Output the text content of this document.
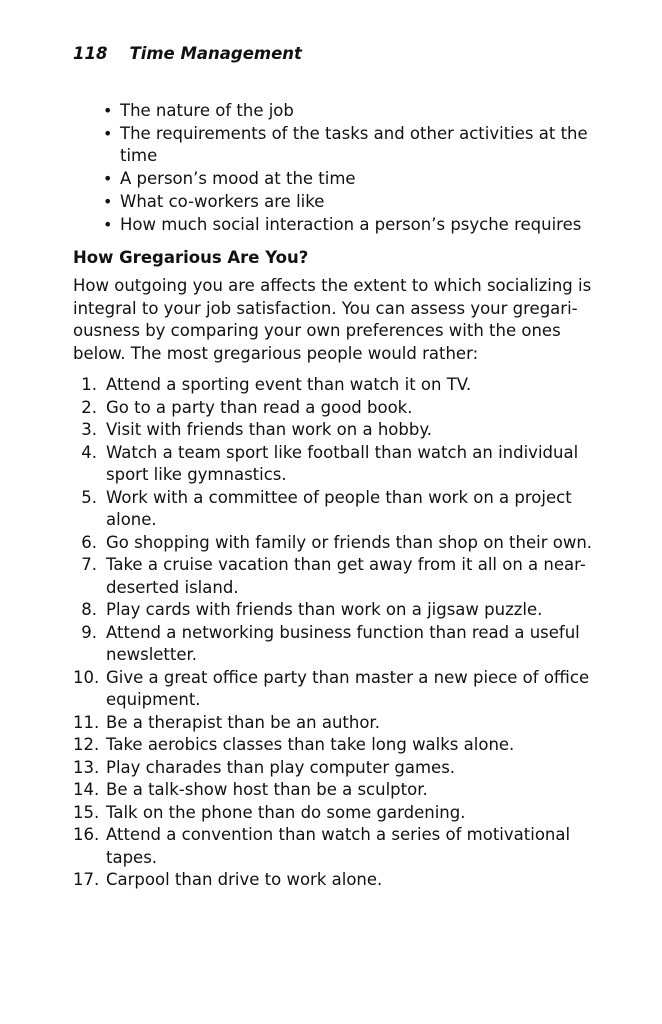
118 Time Management
• The nature of the job
• The requirements of the tasks and other activities at the time
• A person’s mood at the time
• What co-workers are like
• How much social interaction a person’s psyche requires
How Gregarious Are You?

How outgoing you are affects the extent to which socializing is
integral to your job satisfaction. You can assess your gregari-
ousness by comparing your own preferences with the ones
below. The most gregarious people would rather:

1. Attend a sporting event than watch it on TV.
2. Go to a party than read a good book.
3. Visit with friends than work on a hobby.
4. Watch a team sport like football than watch an individual sport like gymnastics.
5. Work with a committee of people than work on a project alone.
6. Go shopping with family or friends than shop on their own.
7. Take a cruise vacation than get away from it all on a near-deserted island.
8. Play cards with friends than work on a jigsaw puzzle.
9. Attend a networking business function than read a useful newsletter.
10. Give a great office party than master a new piece of office equipment.
11. Be a therapist than be an author.
12. Take aerobics classes than take long walks alone.
13. Play charades than play computer games.
14. Be a talk-show host than be a sculptor.
15. Talk on the phone than do some gardening.
16. Attend a convention than watch a series of motivational tapes.
17. Carpool than drive to work alone.
